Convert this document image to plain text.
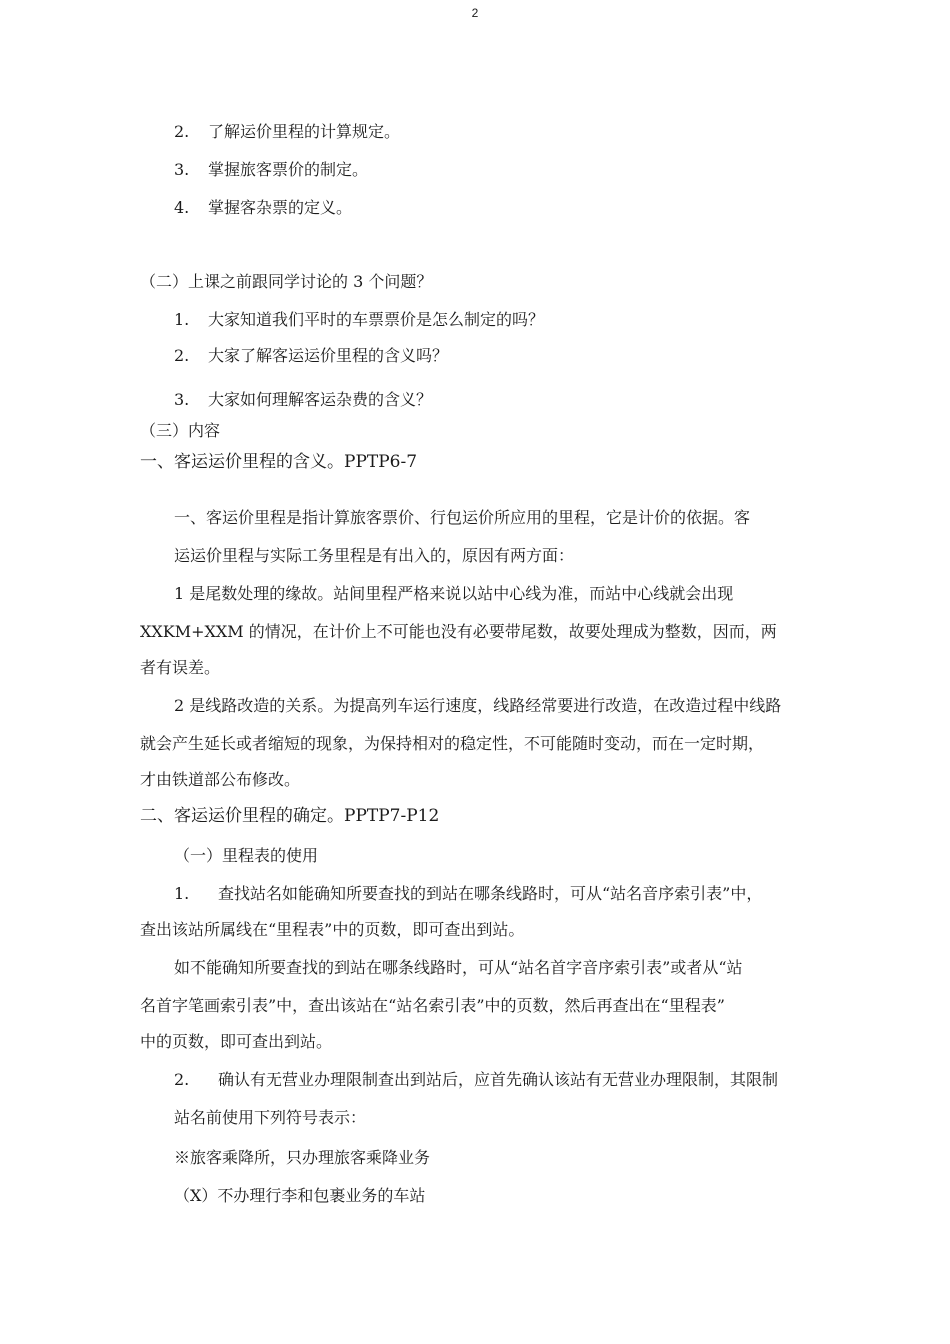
2
2. 了解运价里程的计算规定。
3. 掌握旅客票价的制定。
4. 掌握客杂票的定义。
（二）上课之前跟同学讨论的 3 个问题？
1. 大家知道我们平时的车票票价是怎么制定的吗？
2. 大家了解客运运价里程的含义吗？
3. 大家如何理解客运杂费的含义？
（三）内容
一、客运运价里程的含义。PPTP6-7
一、客运价里程是指计算旅客票价、行包运价所应用的里程，它是计价的依据。客
运运价里程与实际工务里程是有出入的，原因有两方面：
1 是尾数处理的缘故。站间里程严格来说以站中心线为准，而站中心线就会出现
XXKM+XXM 的情况，在计价上不可能也没有必要带尾数，故要处理成为整数，因而，两
者有误差。
2 是线路改造的关系。为提高列车运行速度，线路经常要进行改造，在改造过程中线路
就会产生延长或者缩短的现象，为保持相对的稳定性，不可能随时变动，而在一定时期，
才由铁道部公布修改。
二、客运运价里程的确定。PPTP7-P12
（一）里程表的使用
1. 查找站名如能确知所要查找的到站在哪条线路时，可从“站名音序索引表”中，
查出该站所属线在“里程表”中的页数，即可查出到站。
如不能确知所要查找的到站在哪条线路时，可从“站名首字音序索引表”或者从“站
名首字笔画索引表”中，查出该站在“站名索引表”中的页数，然后再查出在“里程表”
中的页数，即可查出到站。
2. 确认有无营业办理限制查出到站后，应首先确认该站有无营业办理限制，其限制
站名前使用下列符号表示：
※旅客乘降所，只办理旅客乘降业务
（X）不办理行李和包裹业务的车站
